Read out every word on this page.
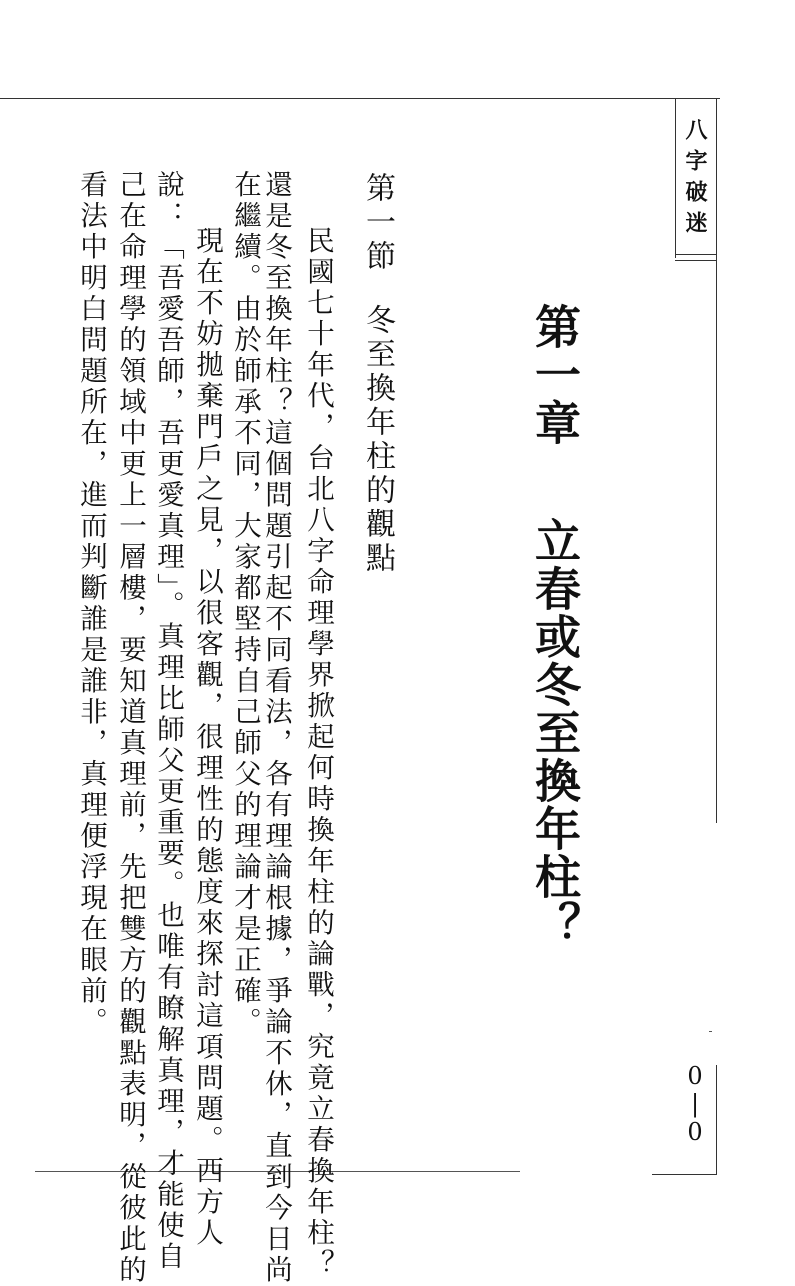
八字破迷
第一章立春或冬至換年柱？
第一節冬至換年柱的觀點
民國七十年代，台北八字命理學界掀起何時換年柱的論戰，究竟立春換年柱？
還是冬至換年柱？這個問題引起不同看法，各有理論根據，爭論不休，直到今日尚
在繼續。由於師承不同，大家都堅持自己師父的理論才是正確。
現在不妨拋棄門戶之見，以很客觀，很理性的態度來探討這項問題。西方人
說：「吾愛吾師，吾更愛真理」。真理比師父更重要。也唯有瞭解真理，才能使自
己在命理學的領域中更上一層樓，要知道真理前，先把雙方的觀點表明，從彼此的
看法中明白問題所在，進而判斷誰是誰非，真理便浮現在眼前。
0
|
0
